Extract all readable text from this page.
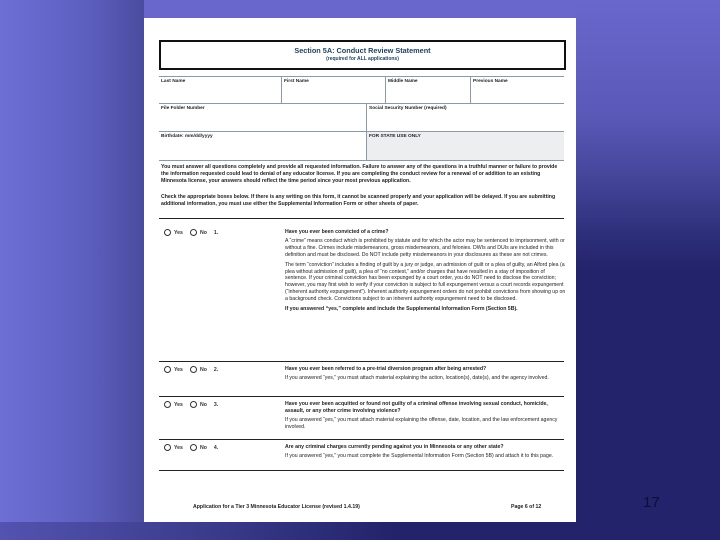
Section 5A: Conduct Review Statement
(required for ALL applications)
Last Name	First Name	Middle Name	Previous Name
File Folder Number	Social Security Number (required)
Birthdate: mm/dd/yyyy	FOR STATE USE ONLY
You must answer all questions completely and provide all requested information. Failure to answer any of the questions in a truthful manner or failure to provide the information requested could lead to denial of any educator license. If you are completing the conduct review for a renewal of or addition to an existing Minnesota license, your answers should reflect the time period since your most previous application.
Check the appropriate boxes below. If there is any writing on this form, it cannot be scanned properly and your application will be delayed. If you are submitting additional information, you must use either the Supplemental Information Form or other sheets of paper.
Yes	No 1.	Have you ever been convicted of a crime?

A “crime” means conduct which is prohibited by statute and for which the actor may be sentenced to imprisonment, with or without a fine. Crimes include misdemeanors, gross misdemeanors, and felonies. DWIs and DUIs are included in this definition and must be disclosed. Do NOT include petty misdemeanors in your disclosures as these are not crimes.

The term “conviction” includes a finding of guilt by a jury or judge, an admission of guilt or a plea of guilty, an Alford plea (a plea without admission of guilt), a plea of “no contest,” and/or charges that have resulted in a stay of imposition of sentence. If your criminal conviction has been expunged by a court order, you do NOT need to disclose the conviction; however, you may first wish to verify if your conviction is subject to full expungement versus a court records expungement (“inherent authority expungement”). Inherent authority expungement orders do not prohibit convictions from showing up on a background check. Convictions subject to an inherent authority expungement need to be disclosed.

If you answered “yes,” complete and include the Supplemental Information Form (Section 5B).

Yes	No 2.	Have you ever been referred to a pre-trial diversion program after being arrested?

If you answered “yes,” you must attach material explaining the action, location(s), date(s), and the agency involved.

Yes	No 3.	Have you ever been acquitted or found not guilty of a criminal offense involving sexual conduct, homicide, assault, or any other crime involving violence?

If you answered “yes,” you must attach material explaining the offense, date, location, and the law enforcement agency involved.

Yes	No 4.	Are any criminal charges currently pending against you in Minnesota or any other state?

If you answered “yes,” you must complete the Supplemental Information Form (Section 5B) and attach it to this page.

Application for a Tier 3 Minnesota Educator License (revised 1.4.19)	Page 6 of 12	17
